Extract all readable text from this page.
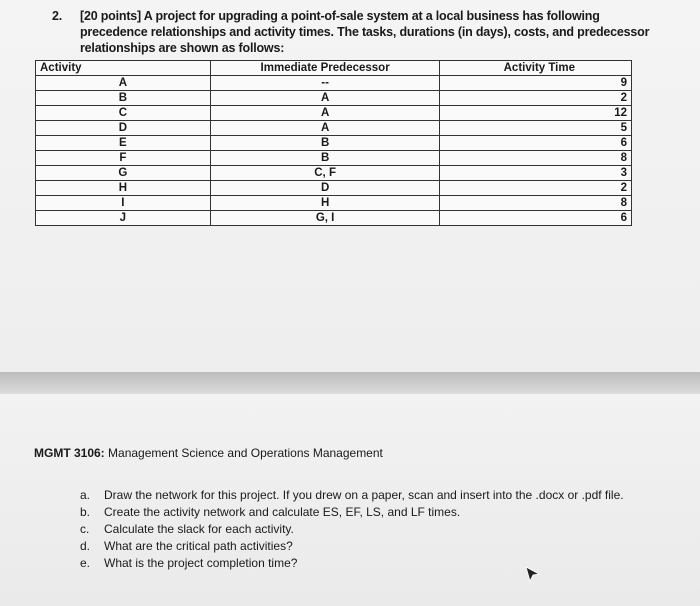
2. [20 points] A project for upgrading a point-of-sale system at a local business has following precedence relationships and activity times. The tasks, durations (in days), costs, and predecessor relationships are shown as follows:
Activity	Immediate Predecessor	Activity Time
A	--	9
B	A	2
C	A	12
D	A	5
E	B	6
F	B	8
G	C, F	3
H	D	2
I	H	8
J	G, I	6
MGMT 3106: Management Science and Operations Management
a.	Draw the network for this project. If you drew on a paper, scan and insert into the .docx or .pdf file.
b.	Create the activity network and calculate ES, EF, LS, and LF times.
c.	Calculate the slack for each activity.
d.	What are the critical path activities?
e.	What is the project completion time?
